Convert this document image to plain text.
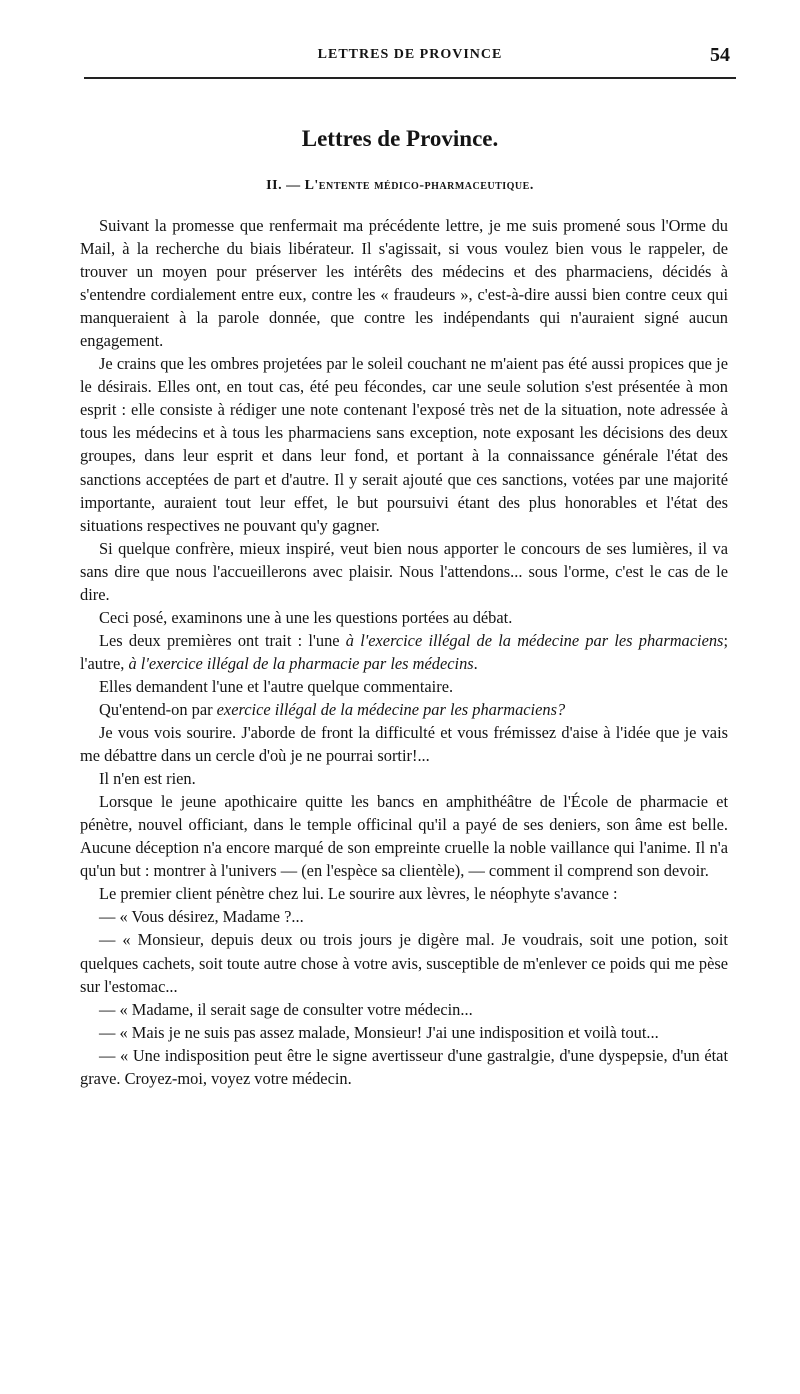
LETTRES DE PROVINCE	54
Lettres de Province.
II. — L'entente médico-pharmaceutique.

Suivant la promesse que renfermait ma précédente lettre, je me suis promené sous l'Orme du Mail, à la recherche du biais libérateur. Il s'agissait, si vous voulez bien vous le rappeler, de trouver un moyen pour préserver les intérêts des médecins et des pharmaciens, décidés à s'entendre cordialement entre eux, contre les « fraudeurs », c'est-à-dire aussi bien contre ceux qui manqueraient à la parole donnée, que contre les indépendants qui n'auraient signé aucun engagement.

Je crains que les ombres projetées par le soleil couchant ne m'aient pas été aussi propices que je le désirais. Elles ont, en tout cas, été peu fécondes, car une seule solution s'est présentée à mon esprit : elle consiste à rédiger une note contenant l'exposé très net de la situation, note adressée à tous les médecins et à tous les pharmaciens sans exception, note exposant les décisions des deux groupes, dans leur esprit et dans leur fond, et portant à la connaissance générale l'état des sanctions acceptées de part et d'autre. Il y serait ajouté que ces sanctions, votées par une majorité importante, auraient tout leur effet, le but poursuivi étant des plus honorables et l'état des situations respectives ne pouvant qu'y gagner.

Si quelque confrère, mieux inspiré, veut bien nous apporter le concours de ses lumières, il va sans dire que nous l'accueillerons avec plaisir. Nous l'attendons... sous l'orme, c'est le cas de le dire.

Ceci posé, examinons une à une les questions portées au débat.

Les deux premières ont trait : l'une à l'exercice illégal de la médecine par les pharmaciens; l'autre, à l'exercice illégal de la pharmacie par les médecins.

Elles demandent l'une et l'autre quelque commentaire.

Qu'entend-on par exercice illégal de la médecine par les pharmaciens?

Je vous vois sourire. J'aborde de front la difficulté et vous frémissez d'aise à l'idée que je vais me débattre dans un cercle d'où je ne pourrai sortir!...

Il n'en est rien.

Lorsque le jeune apothicaire quitte les bancs en amphithéâtre de l'École de pharmacie et pénètre, nouvel officiant, dans le temple officinal qu'il a payé de ses deniers, son âme est belle. Aucune déception n'a encore marqué de son empreinte cruelle la noble vaillance qui l'anime. Il n'a qu'un but : montrer à l'univers — (en l'espèce sa clientèle), — comment il comprend son devoir.

Le premier client pénètre chez lui. Le sourire aux lèvres, le néophyte s'avance :

— « Vous désirez, Madame ?...

— « Monsieur, depuis deux ou trois jours je digère mal. Je voudrais, soit une potion, soit quelques cachets, soit toute autre chose à votre avis, susceptible de m'enlever ce poids qui me pèse sur l'estomac...

— « Madame, il serait sage de consulter votre médecin...

— « Mais je ne suis pas assez malade, Monsieur! J'ai une indisposition et voilà tout...

— « Une indisposition peut être le signe avertisseur d'une gastralgie, d'une dyspepsie, d'un état grave. Croyez-moi, voyez votre médecin.
